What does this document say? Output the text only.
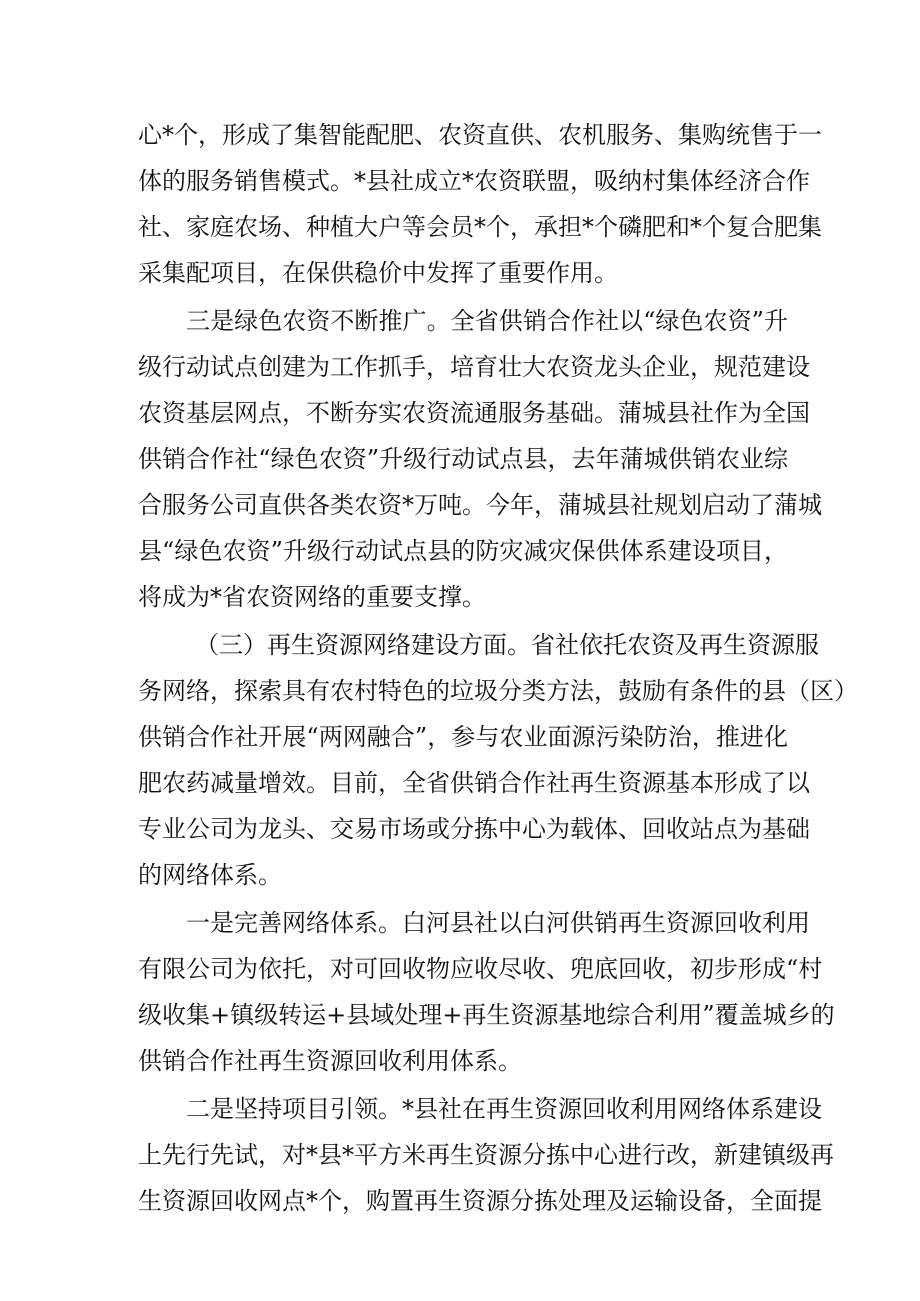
心*个，形成了集智能配肥、农资直供、农机服务、集购统售于一
体的服务销售模式。*县社成立*农资联盟，吸纳村集体经济合作
社、家庭农场、种植大户等会员*个，承担*个磷肥和*个复合肥集
采集配项目，在保供稳价中发挥了重要作用。
三是绿色农资不断推广。全省供销合作社以“绿色农资”升
级行动试点创建为工作抓手，培育壮大农资龙头企业，规范建设
农资基层网点，不断夯实农资流通服务基础。蒲城县社作为全国
供销合作社“绿色农资”升级行动试点县，去年蒲城供销农业综
合服务公司直供各类农资*万吨。今年，蒲城县社规划启动了蒲城
县“绿色农资”升级行动试点县的防灾减灾保供体系建设项目，
将成为*省农资网络的重要支撑。
（三）再生资源网络建设方面。省社依托农资及再生资源服
务网络，探索具有农村特色的垃圾分类方法，鼓励有条件的县（区）
供销合作社开展“两网融合”，参与农业面源污染防治，推进化
肥农药减量增效。目前，全省供销合作社再生资源基本形成了以
专业公司为龙头、交易市场或分拣中心为载体、回收站点为基础
的网络体系。
一是完善网络体系。白河县社以白河供销再生资源回收利用
有限公司为依托，对可回收物应收尽收、兜底回收，初步形成“村
级收集+镇级转运+县域处理+再生资源基地综合利用”覆盖城乡的
供销合作社再生资源回收利用体系。
二是坚持项目引领。*县社在再生资源回收利用网络体系建设
上先行先试，对*县*平方米再生资源分拣中心进行改，新建镇级再
生资源回收网点*个，购置再生资源分拣处理及运输设备，全面提
